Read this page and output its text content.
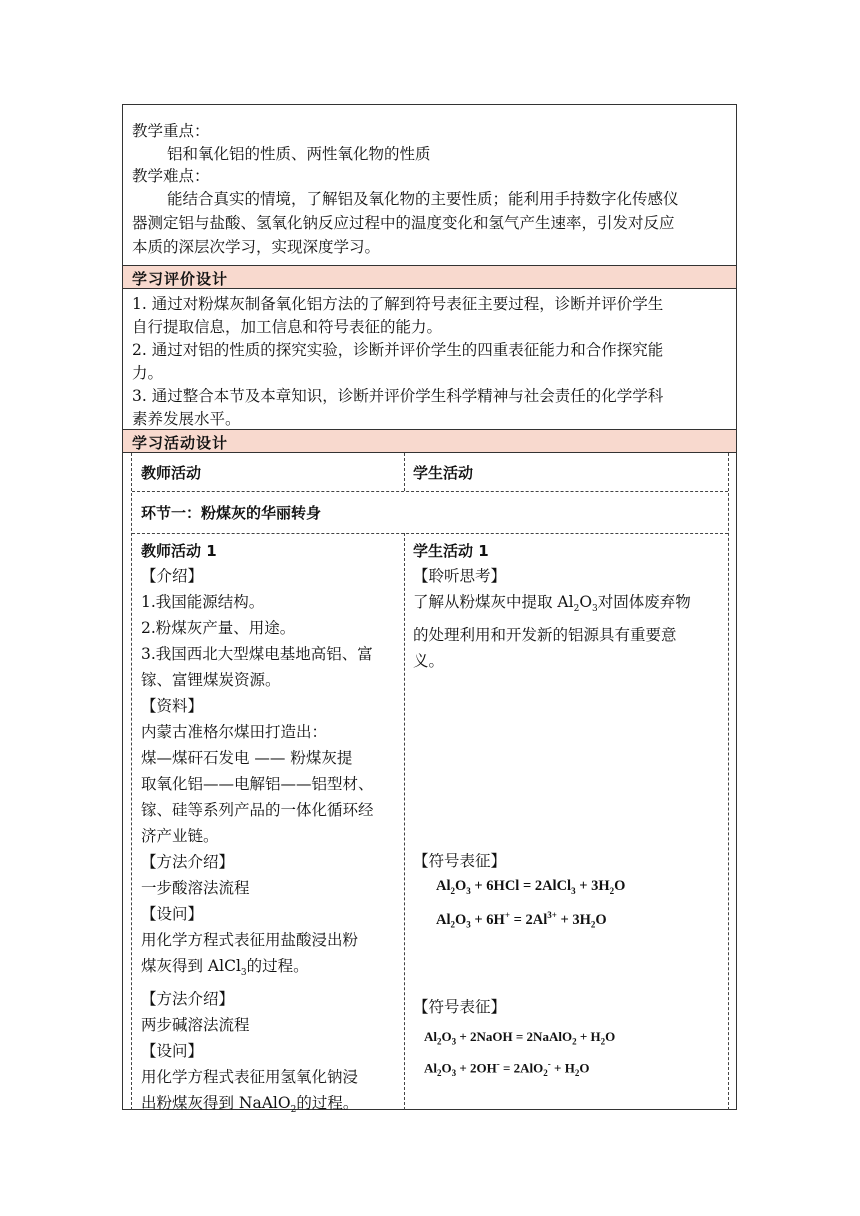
教学重点：
铝和氧化铝的性质、两性氧化物的性质
教学难点：
能结合真实的情境，了解铝及氧化物的主要性质；能利用手持数字化传感仪
器测定铝与盐酸、氢氧化钠反应过程中的温度变化和氢气产生速率，引发对反应
本质的深层次学习，实现深度学习。
学习评价设计
1. 通过对粉煤灰制备氧化铝方法的了解到符号表征主要过程，诊断并评价学生
自行提取信息，加工信息和符号表征的能力。
2. 通过对铝的性质的探究实验，诊断并评价学生的四重表征能力和合作探究能
力。
3. 通过整合本节及本章知识，诊断并评价学生科学精神与社会责任的化学学科
素养发展水平。
学习活动设计
教师活动	学生活动
环节一：粉煤灰的华丽转身
教师活动 1
【介绍】
1.我国能源结构。
2.粉煤灰产量、用途。
3.我国西北大型煤电基地高铝、富
镓、富锂煤炭资源。
【资料】
内蒙古准格尔煤田打造出：
煤—煤矸石发电 —— 粉煤灰提
取氧化铝——电解铝——铝型材、
镓、硅等系列产品的一体化循环经
济产业链。
【方法介绍】
一步酸溶法流程
【设问】
用化学方程式表征用盐酸浸出粉
煤灰得到 AlCl$_3$的过程。
【方法介绍】
两步碱溶法流程
【设问】
用化学方程式表征用氢氧化钠浸
出粉煤灰得到 NaAlO$_2$的过程。
学生活动 1
【聆听思考】
了解从粉煤灰中提取 $Al_2O_3$对固体废弃物
的处理利用和开发新的铝源具有重要意
义。
【符号表征】
$Al_2O_3 + 6HCl$ = 2AlCl$_3$ + $3H_2O$
$Al_2O_3 + 6H^+ = 2Al^{3+} + 3H_2O$
【符号表征】
$Al_2O_3$ + 2NaOH = 2NaAlO$_2$ + $H_2O$
$Al_2O_3 + 2OH^- = 2AlO_2^- + H_2O$
